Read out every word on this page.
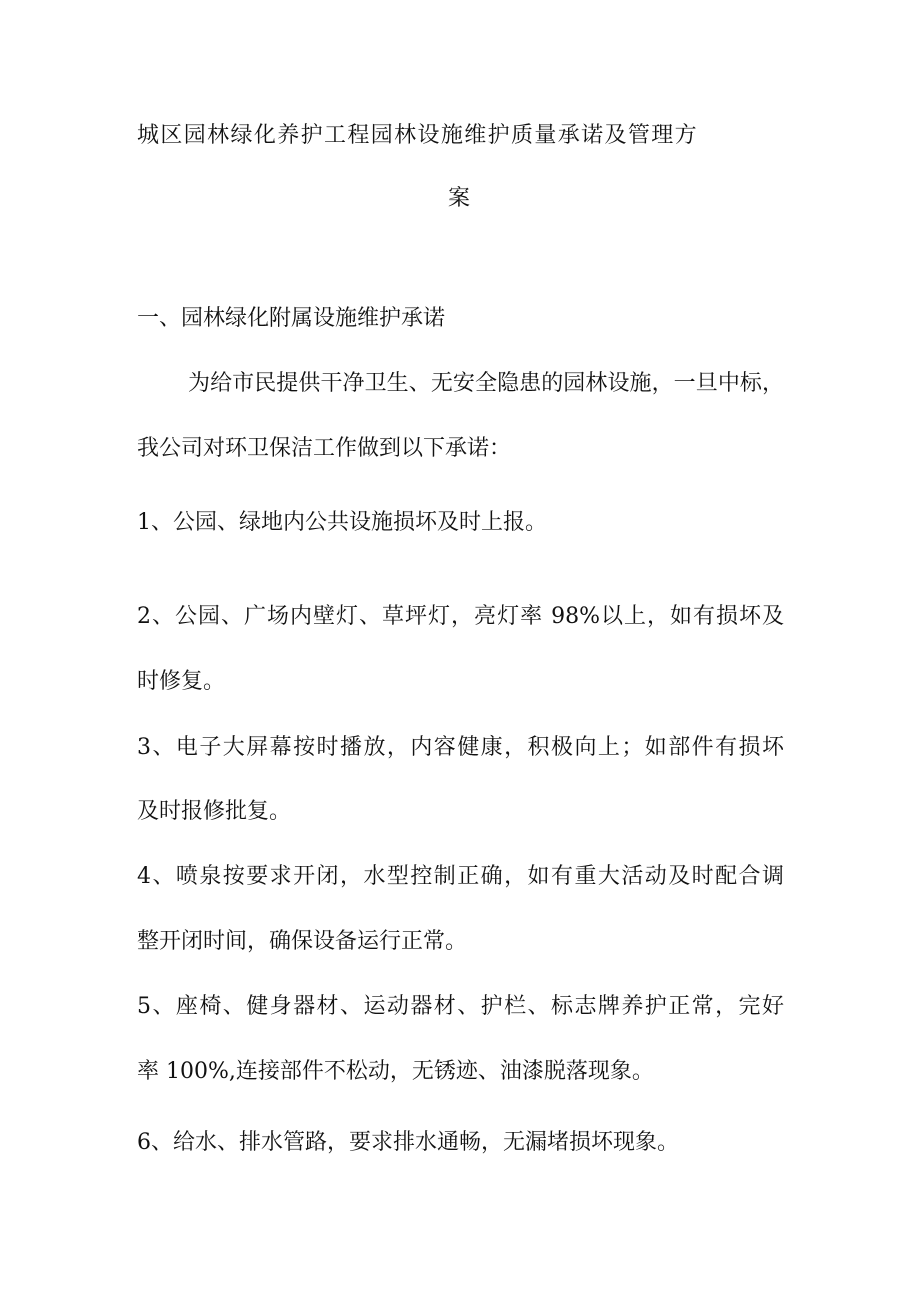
城区园林绿化养护工程园林设施维护质量承诺及管理方
案
一、园林绿化附属设施维护承诺
为给市民提供干净卫生、无安全隐患的园林设施，一旦中标，
我公司对环卫保洁工作做到以下承诺：
1、公园、绿地内公共设施损坏及时上报。
2、公园、广场内壁灯、草坪灯，亮灯率 98%以上，如有损坏及
时修复。
3、电子大屏幕按时播放，内容健康，积极向上；如部件有损坏
及时报修批复。
4、喷泉按要求开闭，水型控制正确，如有重大活动及时配合调
整开闭时间，确保设备运行正常。
5、座椅、健身器材、运动器材、护栏、标志牌养护正常，完好
率 100%,连接部件不松动，无锈迹、油漆脱落现象。
6、给水、排水管路，要求排水通畅，无漏堵损坏现象。
